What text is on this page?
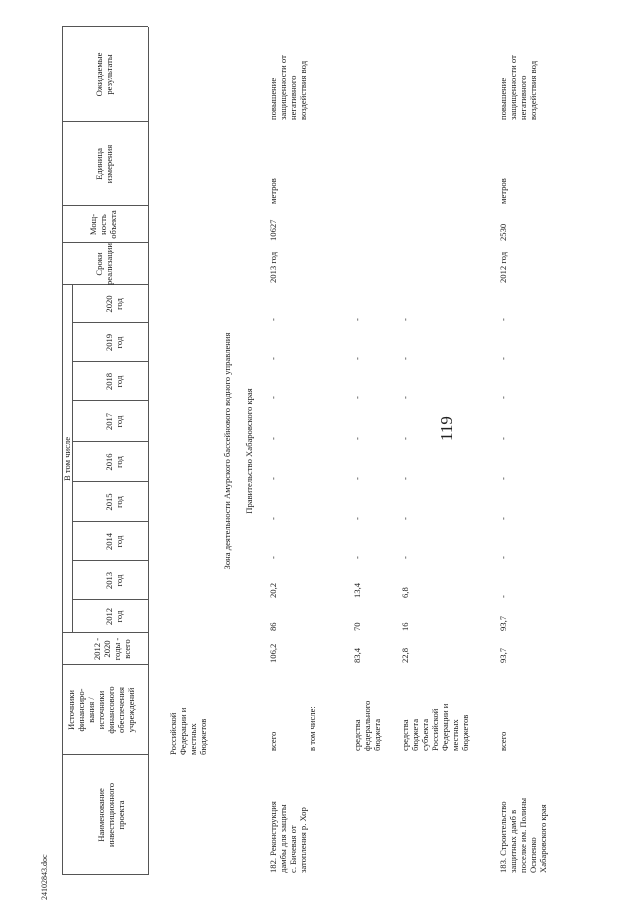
119
24102843.doc
Наименование инвестиционного проекта
Источники финансиро- вания / источники финансового обеспечения учреждений
2012 - 2020 годы - всего
В том числе
2012 год
2013 год
2014 год
2015 год
2016 год
2017 год
2018 год
2019 год
2020 год
Сроки реализации
Мощ- ность объекта
Единица измерения
Ожидаемые результаты
Российской Федерации и местных бюджетов
Зона деятельности Амурского бассейнового водного управления Правительство Хабаровского края
182. Реконструкция дамбы для защиты с. Бичевая от затопления р. Хор
всего
106,2
86
20,2
-
-
-
-
-
-
-
2013 год
10627
метров
повышение защищенности от негативного воздействия вод
в том числе:	средства федерального бюджета
83,4
70
13,4
-
-
-
-
-
-
-
средства бюджета субъекта Российской Федерации и местных бюджетов
22,8
16
6,8
-
-
-
-
-
-
-
183. Строительство защитных дамб в поселке им. Полины Осипенко Хабаровского края
всего
93,7
93,7
-
-
-
-
-
-
-
-
2012 год
2530
метров
повышение защищенности от негативного воздействия вод
